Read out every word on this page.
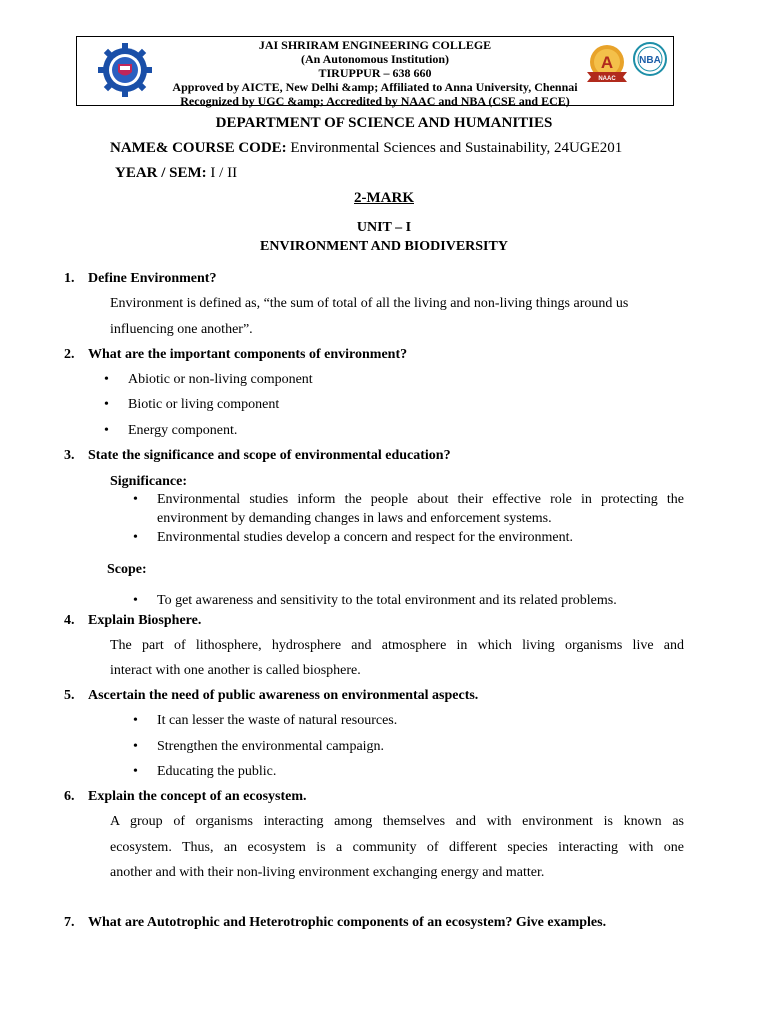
JAI SHRIRAM ENGINEERING COLLEGE
(An Autonomous Institution)
TIRUPPUR – 638 660
Approved by AICTE, New Delhi &amp; Affiliated to Anna University, Chennai
Recognized by UGC &amp; Accredited by NAAC and NBA (CSE and ECE)
A
NAAC
NBA
DEPARTMENT OF SCIENCE AND HUMANITIES
NAME& COURSE CODE: Environmental Sciences and Sustainability, 24UGE201
YEAR / SEM: I / II
2-MARK
UNIT – I
ENVIRONMENT AND BIODIVERSITY
1. Define Environment?
Environment is defined as, “the sum of total of all the living and non-living things around us
influencing one another”.
2. What are the important components of environment?
• Abiotic or non-living component
• Biotic or living component
• Energy component.
3. State the significance and scope of environmental education?
Significance:
• Environmental studies inform the people about their effective role in protecting the
environment by demanding changes in laws and enforcement systems.
• Environmental studies develop a concern and respect for the environment.
Scope:
• To get awareness and sensitivity to the total environment and its related problems.
4. Explain Biosphere.
The part of lithosphere, hydrosphere and atmosphere in which living organisms live and
interact with one another is called biosphere.
5. Ascertain the need of public awareness on environmental aspects.
• It can lesser the waste of natural resources.
• Strengthen the environmental campaign.
• Educating the public.
6. Explain the concept of an ecosystem.
A group of organisms interacting among themselves and with environment is known as
ecosystem. Thus, an ecosystem is a community of different species interacting with one
another and with their non-living environment exchanging energy and matter.
7. What are Autotrophic and Heterotrophic components of an ecosystem? Give examples.
